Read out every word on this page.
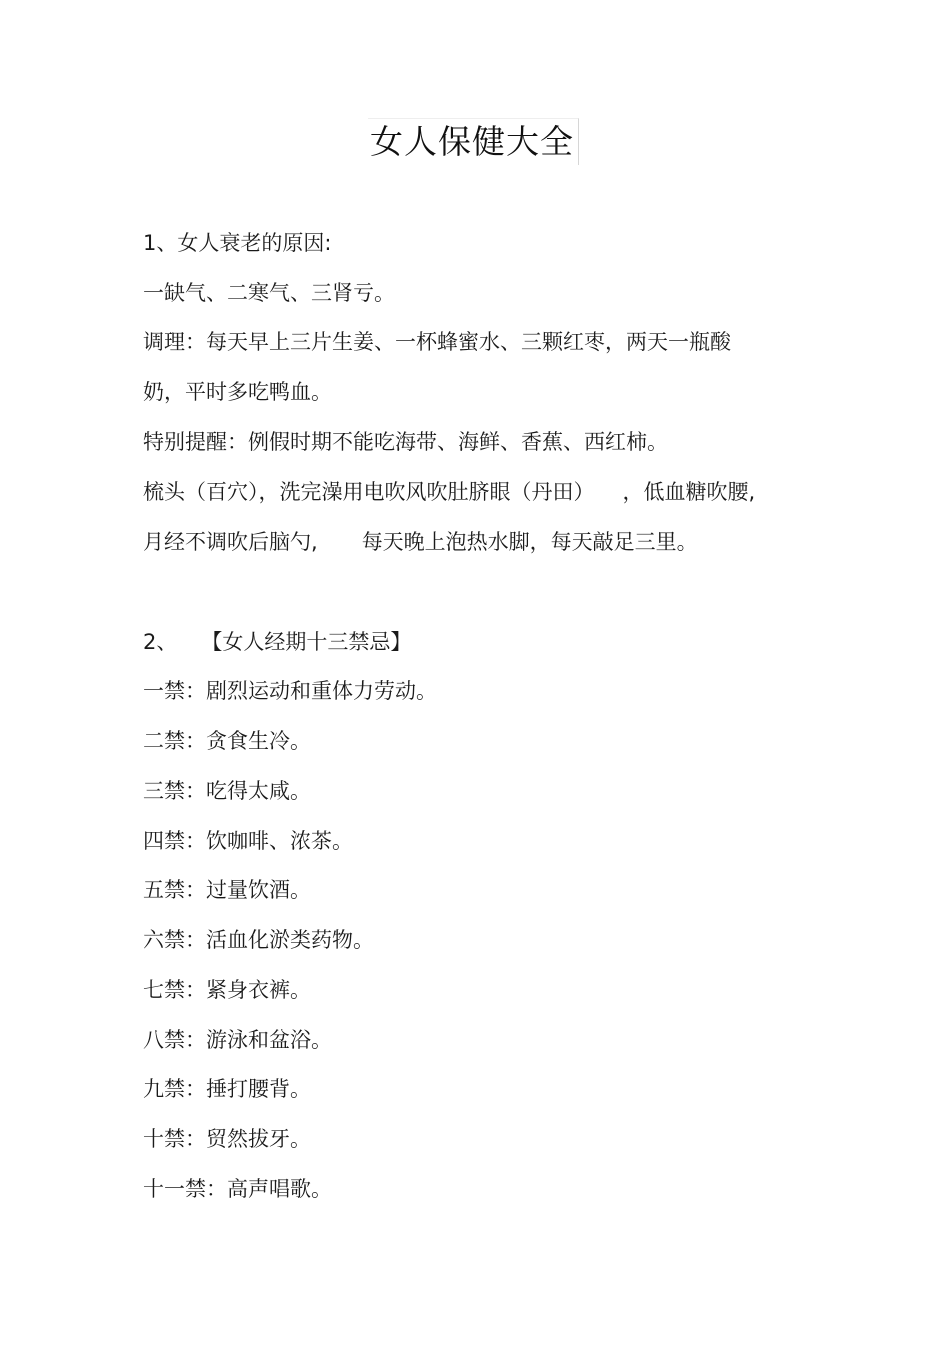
女人保健大全
1、女人衰老的原因:
一缺气、二寒气、三肾亏。
调理：每天早上三片生姜、一杯蜂蜜水、三颗红枣，两天一瓶酸
奶，平时多吃鸭血。
特别提醒：例假时期不能吃海带、海鲜、香蕉、西红柿。
梳头（百穴），洗完澡用电吹风吹肚脐眼（丹田） ，低血糖吹腰,
月经不调吹后脑勺, 每天晚上泡热水脚，每天敲足三里。
2、 【女人经期十三禁忌】
一禁：剧烈运动和重体力劳动。
二禁：贪食生冷。
三禁：吃得太咸。
四禁：饮咖啡、浓茶。
五禁：过量饮酒。
六禁：活血化淤类药物。
七禁：紧身衣裤。
八禁：游泳和盆浴。
九禁：捶打腰背。
十禁：贸然拔牙。
十一禁：高声唱歌。
